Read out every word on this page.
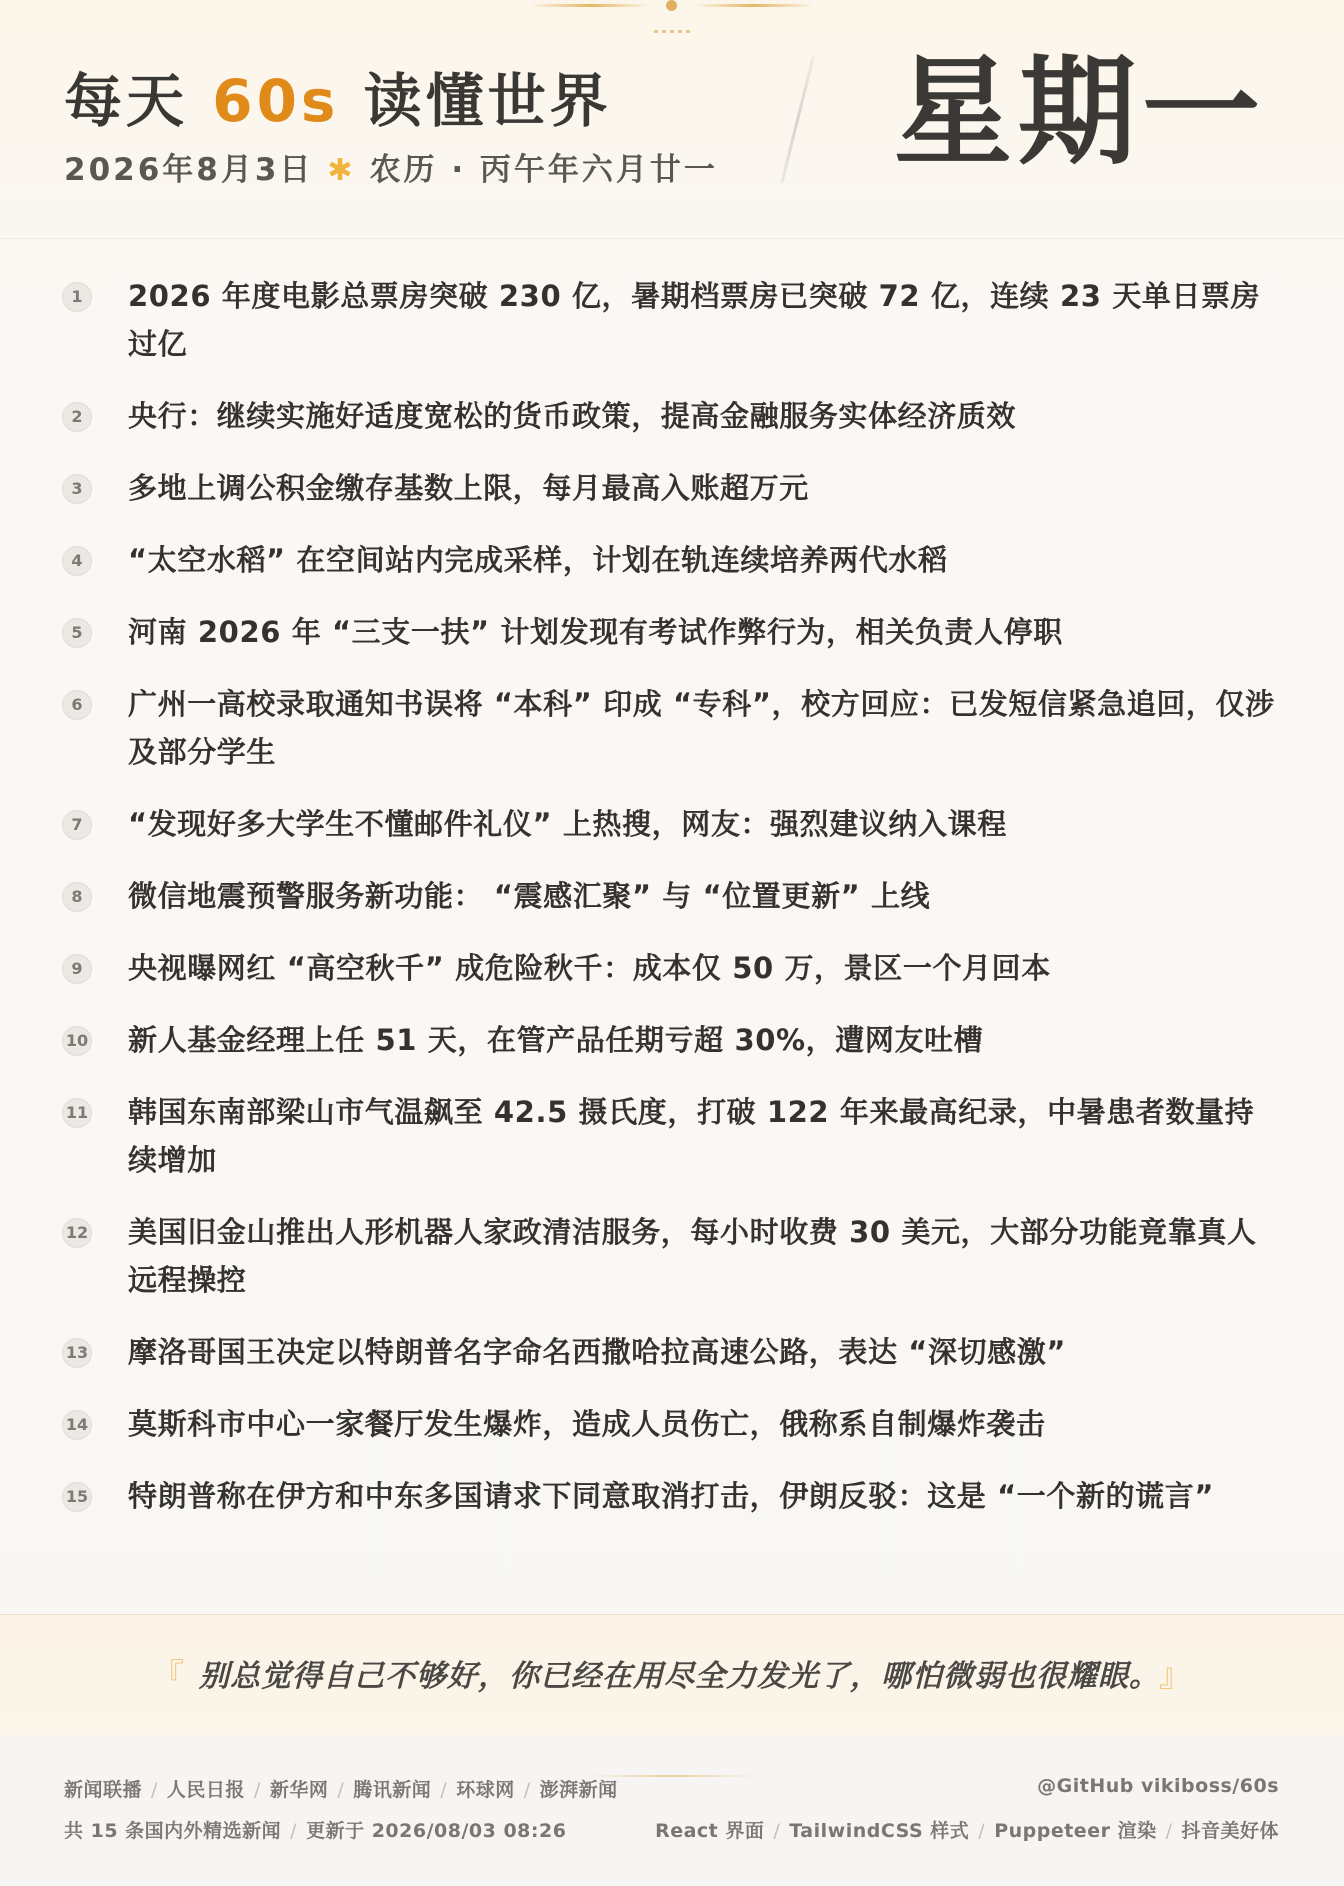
每天 60s 读懂世界
2026年8月3日 ✱ 农历 · 丙午年六月廿一 星期一
1	2026 年度电影总票房突破 230 亿，暑期档票房已突破 72 亿，连续 23 天单日票房过亿
2	央行：继续实施好适度宽松的货币政策，提高金融服务实体经济质效
3	多地上调公积金缴存基数上限，每月最高入账超万元
4	“太空水稻” 在空间站内完成采样，计划在轨连续培养两代水稻
5	河南 2026 年 “三支一扶” 计划发现有考试作弊行为，相关负责人停职
6	广州一高校录取通知书误将 “本科” 印成 “专科”，校方回应：已发短信紧急追回，仅涉及部分学生
7	“发现好多大学生不懂邮件礼仪” 上热搜，网友：强烈建议纳入课程
8	微信地震预警服务新功能： “震感汇聚” 与 “位置更新” 上线
9	央视曝网红 “高空秋千” 成危险秋千：成本仅 50 万，景区一个月回本
10 新人基金经理上任 51 天，在管产品任期亏超 30%，遭网友吐槽
11 韩国东南部梁山市气温飙至 42.5 摄氏度，打破 122 年来最高纪录，中暑患者数量持续增加
12 美国旧金山推出人形机器人家政清洁服务，每小时收费 30 美元，大部分功能竟靠真人远程操控
13 摩洛哥国王决定以特朗普名字命名西撒哈拉高速公路，表达 “深切感激”
14 莫斯科市中心一家餐厅发生爆炸，造成人员伤亡，俄称系自制爆炸袭击
15 特朗普称在伊方和中东多国请求下同意取消打击，伊朗反驳：这是 “一个新的谎言”
『 别总觉得自己不够好，你已经在用尽全力发光了，哪怕微弱也很耀眼。 』
新闻联播 / 人民日报 / 新华网 / 腾讯新闻 / 环球网 / 澎湃新闻
共 15 条国内外精选新闻 / 更新于 2026/08/03 08:26
@GitHub vikiboss/60s
React 界面 / TailwindCSS 样式 / Puppeteer 渲染 / 抖音美好体
